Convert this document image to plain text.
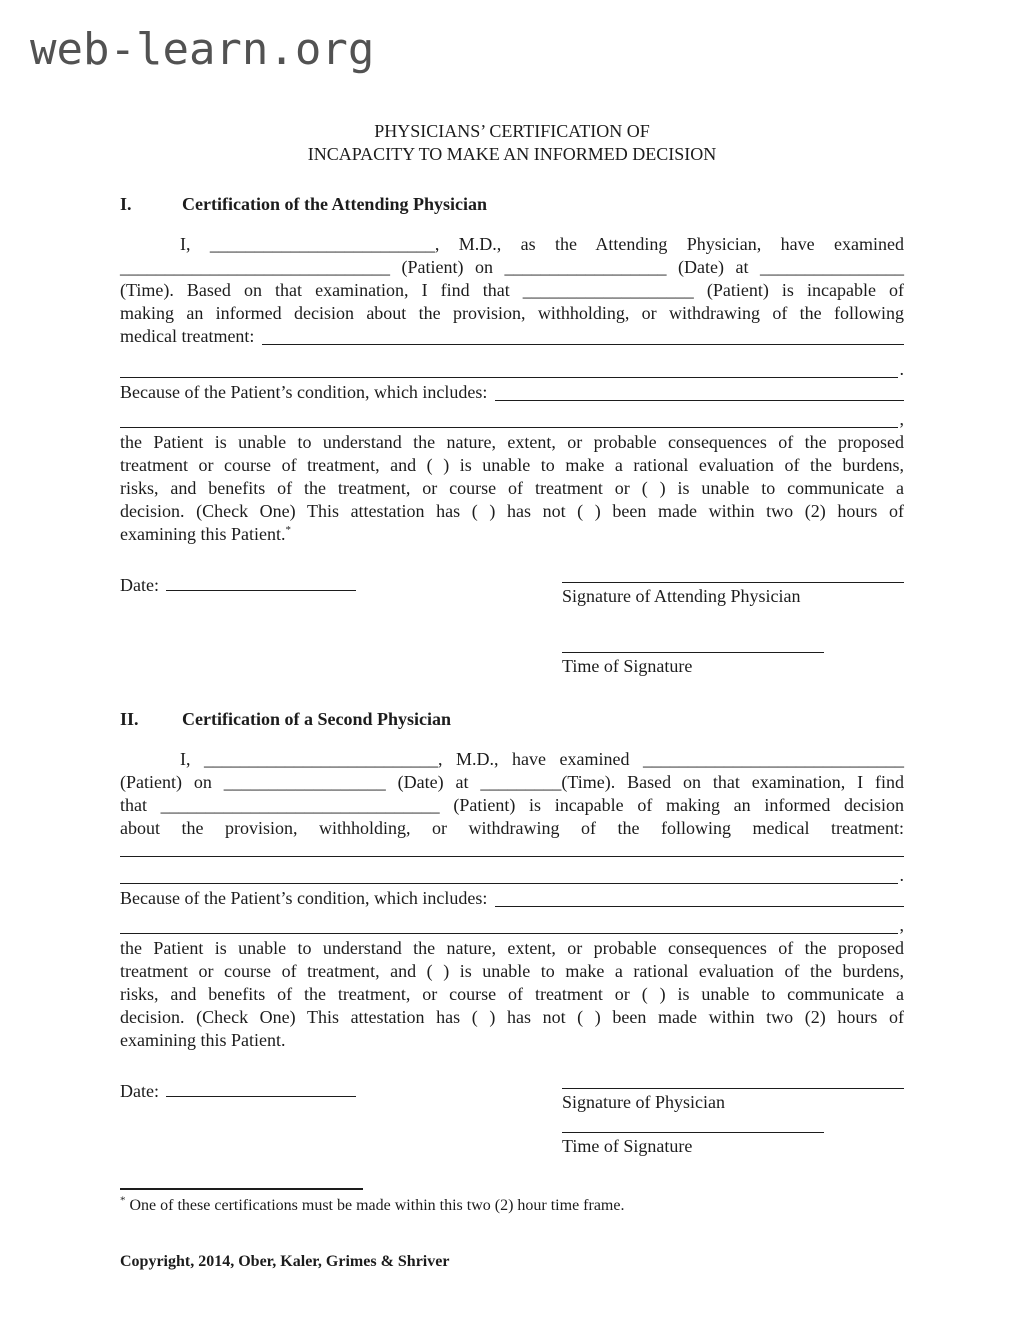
web-learn.org
PHYSICIANS’ CERTIFICATION OF
INCAPACITY TO MAKE AN INFORMED DECISION
I.	Certification of the Attending Physician
I, _________________________, M.D., as the Attending Physician, have examined
______________________________ (Patient) on __________________ (Date) at ________________
(Time). Based on that examination, I find that ___________________ (Patient) is incapable of
making an informed decision about the provision, withholding, or withdrawing of the following
medical treatment:
.
Because of the Patient’s condition, which includes:
,
the Patient is unable to understand the nature, extent, or probable consequences of the proposed
treatment or course of treatment, and ( ) is unable to make a rational evaluation of the burdens,
risks, and benefits of the treatment, or course of treatment or ( ) is unable to communicate a
decision. (Check One) This attestation has ( ) has not ( ) been made within two (2) hours of
examining this Patient.*
Date:
Signature of Attending Physician
Time of Signature
II.	Certification of a Second Physician
I, __________________________, M.D., have examined _____________________________
(Patient) on __________________ (Date) at _________(Time). Based on that examination, I find
that _______________________________ (Patient) is incapable of making an informed decision
about the provision, withholding, or withdrawing of the following medical treatment:
.
Because of the Patient’s condition, which includes:
,
the Patient is unable to understand the nature, extent, or probable consequences of the proposed
treatment or course of treatment, and ( ) is unable to make a rational evaluation of the burdens,
risks, and benefits of the treatment, or course of treatment or ( ) is unable to communicate a
decision. (Check One) This attestation has ( ) has not ( ) been made within two (2) hours of
examining this Patient.
Date:
Signature of Physician
Time of Signature
* One of these certifications must be made within this two (2) hour time frame.
Copyright, 2014, Ober, Kaler, Grimes & Shriver
